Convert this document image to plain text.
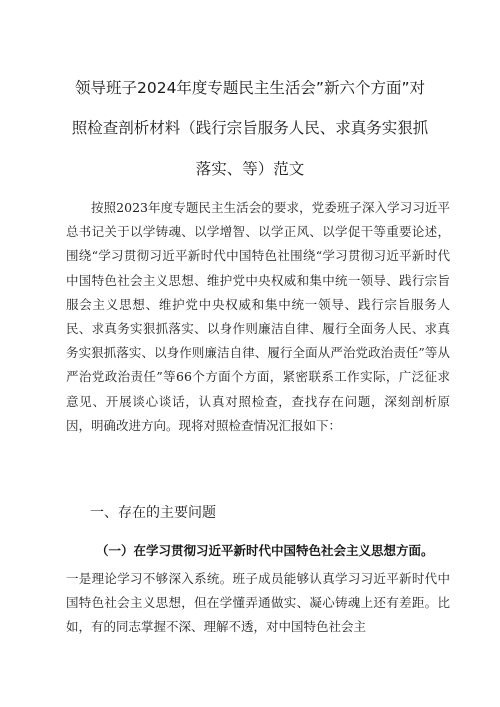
领导班子2024年度专题民主生活会”新六个方面”对
照检查剖析材料（践行宗旨服务人民、求真务实狠抓
落实、等）范文
按照2023年度专题民主生活会的要求，党委班子深入学习习近平总书记关于以学铸魂、以学增智、以学正风、以学促干等重要论述，围绕“学习贯彻习近平新时代中国特色社围绕“学习贯彻习近平新时代中国特色社会主义思想、维护党中央权威和集中统一领导、践行宗旨服会主义思想、维护党中央权威和集中统一领导、践行宗旨服务人民、求真务实狠抓落实、以身作则廉洁自律、履行全面务人民、求真务实狠抓落实、以身作则廉洁自律、履行全面从严治党政治责任”等从严治党政治责任”等66个方面个方面，紧密联系工作实际，广泛征求意见、开展谈心谈话，认真对照检查，查找存在问题，深刻剖析原因，明确改进方向。现将对照检查情况汇报如下：
一、存在的主要问题
（一）在学习贯彻习近平新时代中国特色社会主义思想方面。
一是理论学习不够深入系统。班子成员能够认真学习习近平新时代中国特色社会主义思想，但在学懂弄通做实、凝心铸魂上还有差距。比如，有的同志掌握不深、理解不透，对中国特色社会主
